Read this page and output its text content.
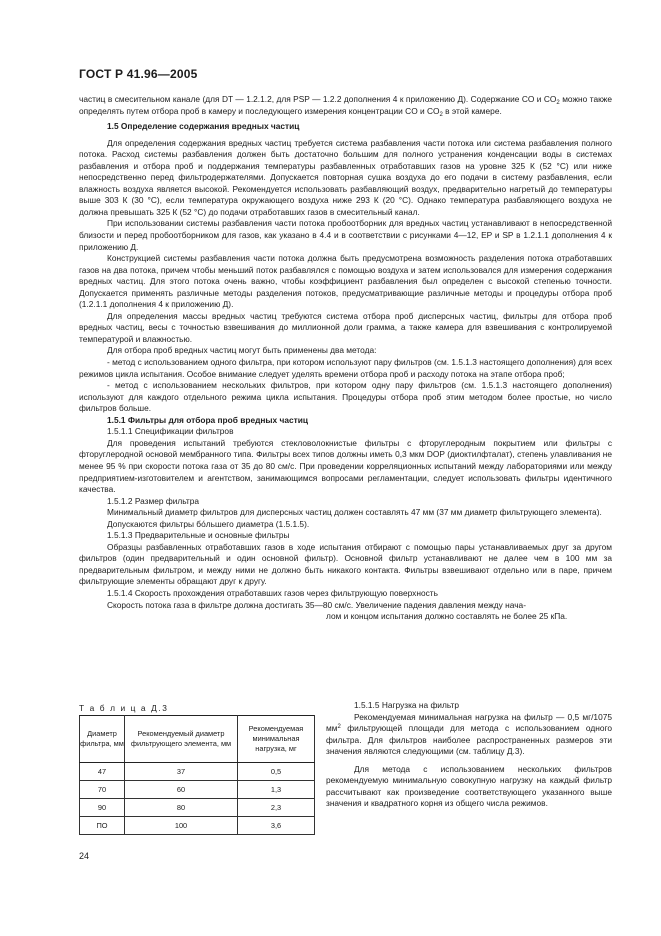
ГОСТ Р 41.96—2005

частиц в смесительном канале (для DT — 1.2.1.2, для PSP — 1.2.2 дополнения 4 к приложению Д). Содержание CO и $CO_2$ можно также определять путем отбора проб в камеру и последующего измерения концентрации CO и $CO_2$ в этой камере.

1.5 Определение содержания вредных частиц

Для определения содержания вредных частиц требуется система разбавления части потока или система разбавления полного потока. Расход системы разбавления должен быть достаточно большим для полного устранения конденсации воды в системах разбавления и отбора проб и поддержания температуры разбавленных отработавших газов на уровне 325 К (52 °С) или ниже непосредственно перед фильтродержателями. Допускается повторная сушка воздуха до его подачи в систему разбавления, если влажность воздуха является высокой. Рекомендуется использовать разбавляющий воздух, предварительно нагретый до температуры выше 303 К (30 °С), если температура окружающего воздуха ниже 293 К (20 °С). Однако температура разбавляющего воздуха не должна превышать 325 К (52 °С) до подачи отработавших газов в смесительный канал.

При использовании системы разбавления части потока пробоотборник для вредных частиц устанавливают в непосредственной близости и перед пробоотборником для газов, как указано в 4.4 и в соответствии с рисунками 4—12, EP и SP в 1.2.1.1 дополнения 4 к приложению Д.

Конструкцией системы разбавления части потока должна быть предусмотрена возможность разделения потока отработавших газов на два потока, причем чтобы меньший поток разбавлялся с помощью воздуха и затем использовался для измерения содержания вредных частиц. Для этого потока очень важно, чтобы коэффициент разбавления был определен с высокой степенью точности. Допускается применять различные методы разделения потоков, предусматривающие различные методы и процедуры отбора проб (1.2.1.1 дополнения 4 к приложению Д).

Для определения массы вредных частиц требуются система отбора проб дисперсных частиц, фильтры для отбора проб вредных частиц, весы с точностью взвешивания до миллионной доли грамма, а также камера для взвешивания с контролируемой температурой и влажностью.

Для отбора проб вредных частиц могут быть применены два метода:

- метод с использованием одного фильтра, при котором используют пару фильтров (см. 1.5.1.3 настоящего дополнения) для всех режимов цикла испытания. Особое внимание следует уделять времени отбора проб и расходу потока на этапе отбора проб;

- метод с использованием нескольких фильтров, при котором одну пару фильтров (см. 1.5.1.3 настоящего дополнения) используют для каждого отдельного режима цикла испытания. Процедуры отбора проб этим методом более простые, но число фильтров больше.

1.5.1 Фильтры для отбора проб вредных частиц

1.5.1.1 Спецификации фильтров

Для проведения испытаний требуются стекловолокнистые фильтры с фторуглеродным покрытием или фильтры с фторуглеродной основой мембранного типа. Фильтры всех типов должны иметь 0,3 мкм DOP (диоктилфталат), степень улавливания не менее 95 % при скорости потока газа от 35 до 80 см/с. При проведении корреляционных испытаний между лабораториями или между предприятием-изготовителем и агентством, занимающимся вопросами регламентации, следует использовать фильтры идентичного качества.

1.5.1.2 Размер фильтра

Минимальный диаметр фильтров для дисперсных частиц должен составлять 47 мм (37 мм диаметр фильтрующего элемента).

Допускаются фильтры бо́льшего диаметра (1.5.1.5).

1.5.1.3 Предварительные и основные фильтры

Образцы разбавленных отработавших газов в ходе испытания отбирают с помощью пары устанавливаемых друг за другом фильтров (один предварительный и один основной фильтр). Основной фильтр устанавливают не далее чем в 100 мм за предварительным фильтром, и между ними не должно быть никакого контакта. Фильтры взвешивают отдельно или в паре, причем фильтрующие элементы обращают друг к другу.

1.5.1.4 Скорость прохождения отработавших газов через фильтрующую поверхность

Скорость потока газа в фильтре должна достигать 35—80 см/с. Увеличение падения давления между нача-

лом и концом испытания должно составлять не более 25 кПа.

Т а б л и ц а Д.3
Диаметр фильтра, мм	Рекомендуемый диаметр фильтрующего элемента, мм	Рекомендуемая минимальная нагрузка, мг
47	37	0,5
70	60	1,3
90	80	2,3
ПО	100	3,6

1.5.1.5 Нагрузка на фильтр

Рекомендуемая минимальная нагрузка на фильтр — 0,5 мг/1075 $мм^2$ фильтрующей площади для метода с использованием одного фильтра. Для фильтров наиболее распространенных размеров эти значения являются следующими (см. таблицу Д.3).

Для метода с использованием нескольких фильтров рекомендуемую минимальную совокупную нагрузку на каждый фильтр рассчитывают как произведение соответствующего указанного выше значения и квадратного корня из общего числа режимов.

24
